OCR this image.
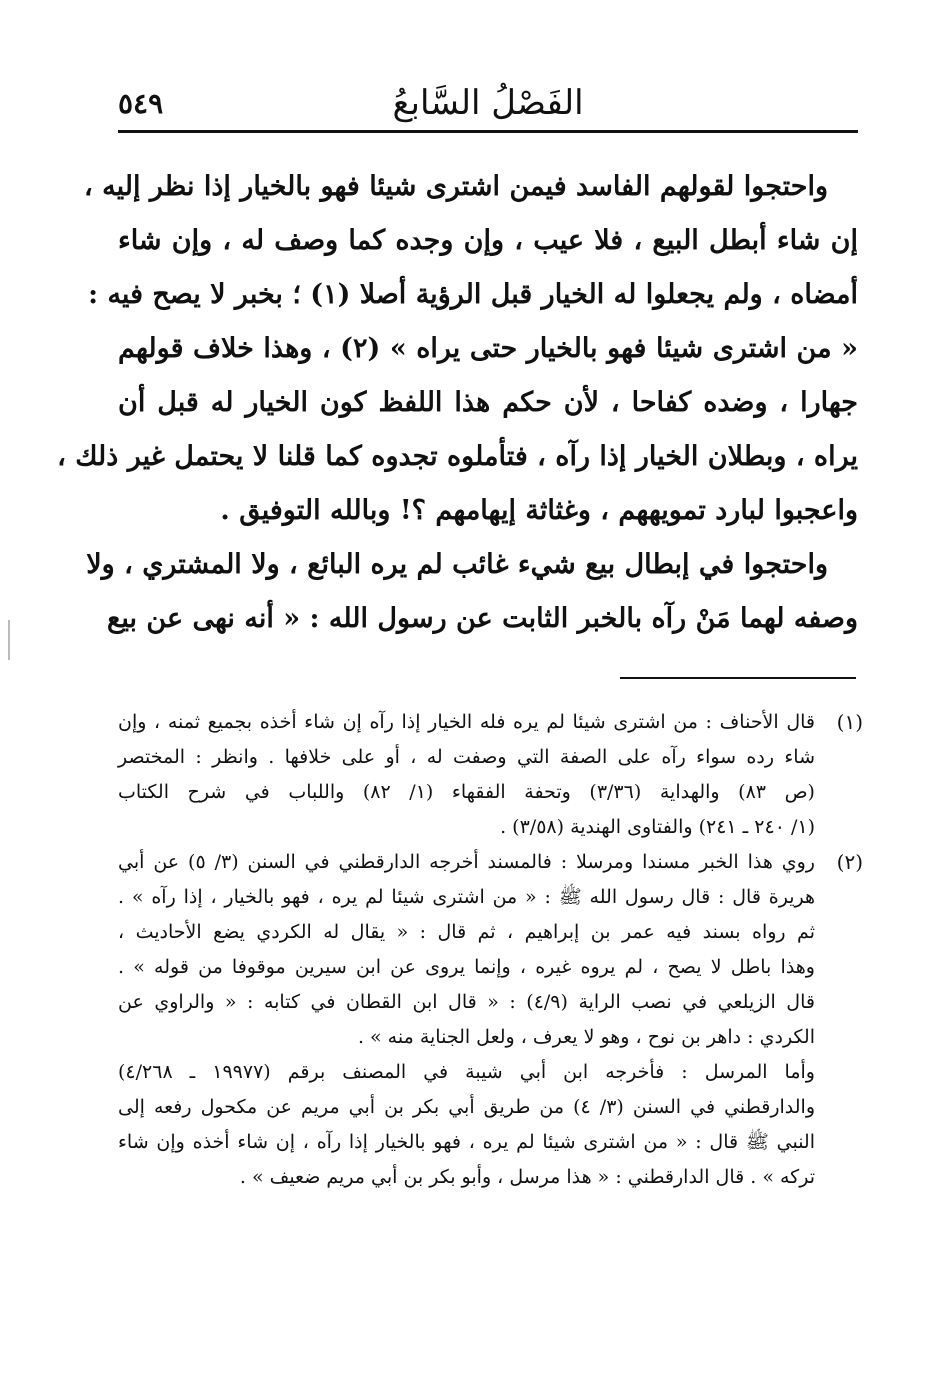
الفَصْلُ السَّابعُ
٥٤٩

واحتجوا لقولهم الفاسد فيمن اشترى شيئا فهو بالخيار إذا نظر إليه ،

إن شاء أبطل البيع ، فلا عيب ، وإن وجده كما وصف له ، وإن شاء

أمضاه ، ولم يجعلوا له الخيار قبل الرؤية أصلا (١) ؛ بخبر لا يصح فيه :

« من اشترى شيئا فهو بالخيار حتى يراه » (٢) ، وهذا خلاف قولهم

جهارا ، وضده كفاحا ، لأن حكم هذا اللفظ كون الخيار له قبل أن

يراه ، وبطلان الخيار إذا رآه ، فتأملوه تجدوه كما قلنا لا يحتمل غير ذلك ،

واعجبوا لبارد تمويههم ، وغثاثة إيهامهم ؟! وبالله التوفيق .

واحتجوا في إبطال بيع شيء غائب لم يره البائع ، ولا المشتري ، ولا

وصفه لهما مَنْ رآه بالخبر الثابت عن رسول الله : « أنه نهى عن بيع

(١)

قال الأحناف : من اشترى شيئا لم يره فله الخيار إذا رآه إن شاء أخذه بجميع ثمنه ، وإن

شاء رده سواء رآه على الصفة التي وصفت له ، أو على خلافها . وانظر : المختصر

(ص ٨٣) والهداية (٣/٣٦) وتحفة الفقهاء (١/ ٨٢) واللباب في شرح الكتاب

(١/ ٢٤٠ ـ ٢٤١) والفتاوى الهندية (٣/٥٨) .

(٢)

روي هذا الخبر مسندا ومرسلا : فالمسند أخرجه الدارقطني في السنن (٣/ ٥) عن أبي

هريرة قال : قال رسول الله ﷺ : « من اشترى شيئا لم يره ، فهو بالخيار ، إذا رآه » .

ثم رواه بسند فيه عمر بن إبراهيم ، ثم قال : « يقال له الكردي يضع الأحاديث ،

وهذا باطل لا يصح ، لم يروه غيره ، وإنما يروى عن ابن سيرين موقوفا من قوله » .

قال الزيلعي في نصب الراية (٤/٩) : « قال ابن القطان في كتابه : « والراوي عن

الكردي : داهر بن نوح ، وهو لا يعرف ، ولعل الجناية منه » .

وأما المرسل : فأخرجه ابن أبي شيبة في المصنف برقم (١٩٩٧٧ ـ ٤/٢٦٨)

والدارقطني في السنن (٣/ ٤) من طريق أبي بكر بن أبي مريم عن مكحول رفعه إلى

النبي ﷺ قال : « من اشترى شيئا لم يره ، فهو بالخيار إذا رآه ، إن شاء أخذه وإن شاء

تركه » . قال الدارقطني : « هذا مرسل ، وأبو بكر بن أبي مريم ضعيف » .
